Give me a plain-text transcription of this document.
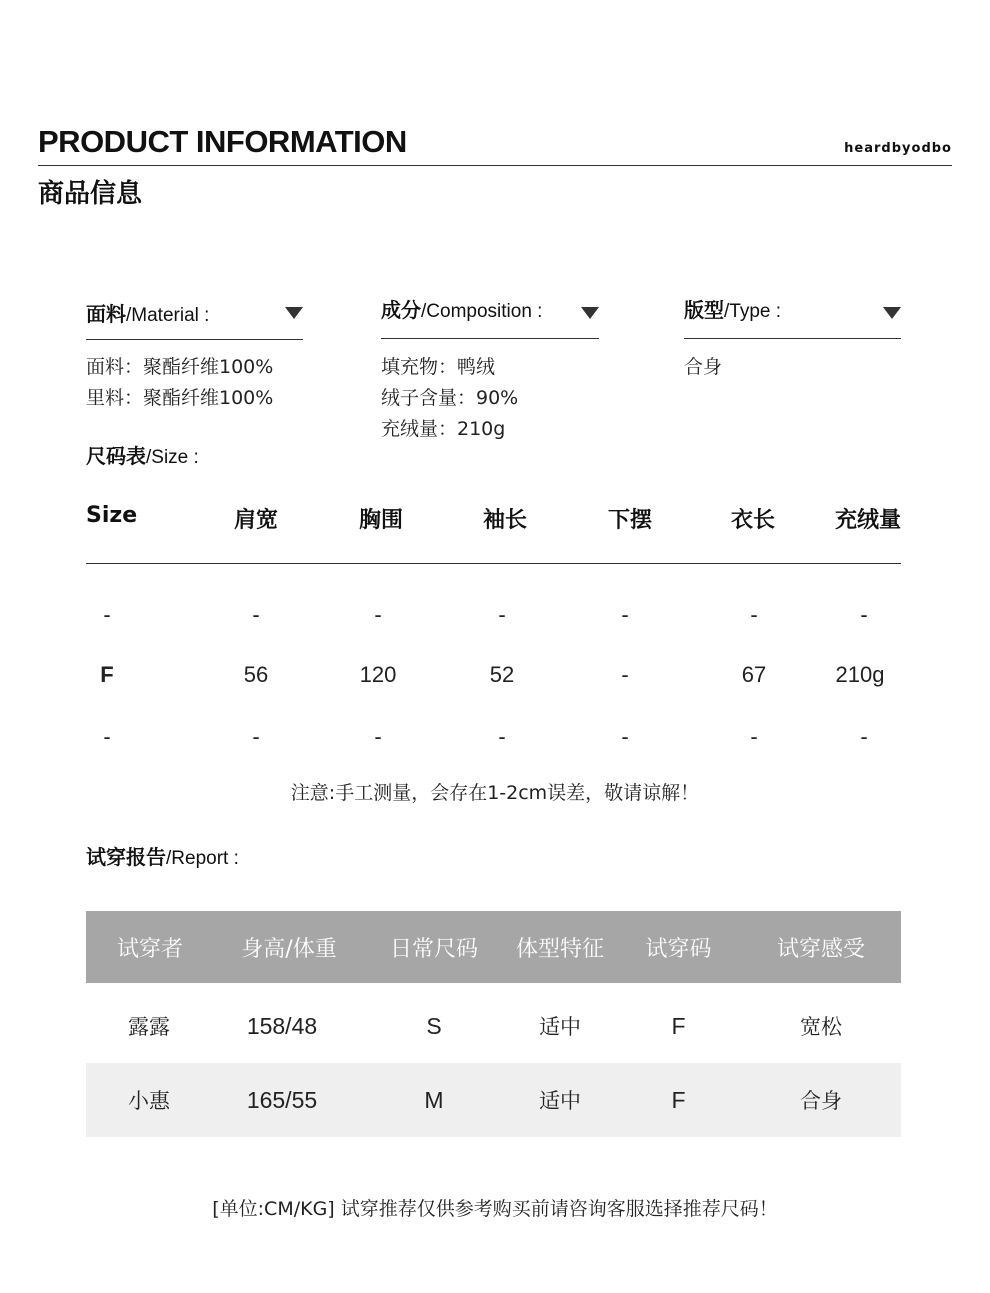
PRODUCT INFORMATION	heardbyodbo
商品信息
面料/Material :
面料：聚酯纤维100%
里料：聚酯纤维100%
成分/Composition :
填充物：鸭绒
绒子含量：90%
充绒量：210g
版型/Type :
合身
尺码表/Size :
Size	肩宽	胸围	袖长	下摆	衣长	充绒量
-	-	-	-	-	-	-
F	56	120	52	-	67	210g
-	-	-	-	-	-	-
注意:手工测量，会存在1-2cm误差，敬请谅解！
试穿报告/Report :
试穿者	身高/体重	日常尺码	体型特征	试穿码	试穿感受
露露	158/48	S	适中	F	宽松
小惠	165/55	M	适中	F	合身
[单位:CM/KG] 试穿推荐仅供参考购买前请咨询客服选择推荐尺码！
